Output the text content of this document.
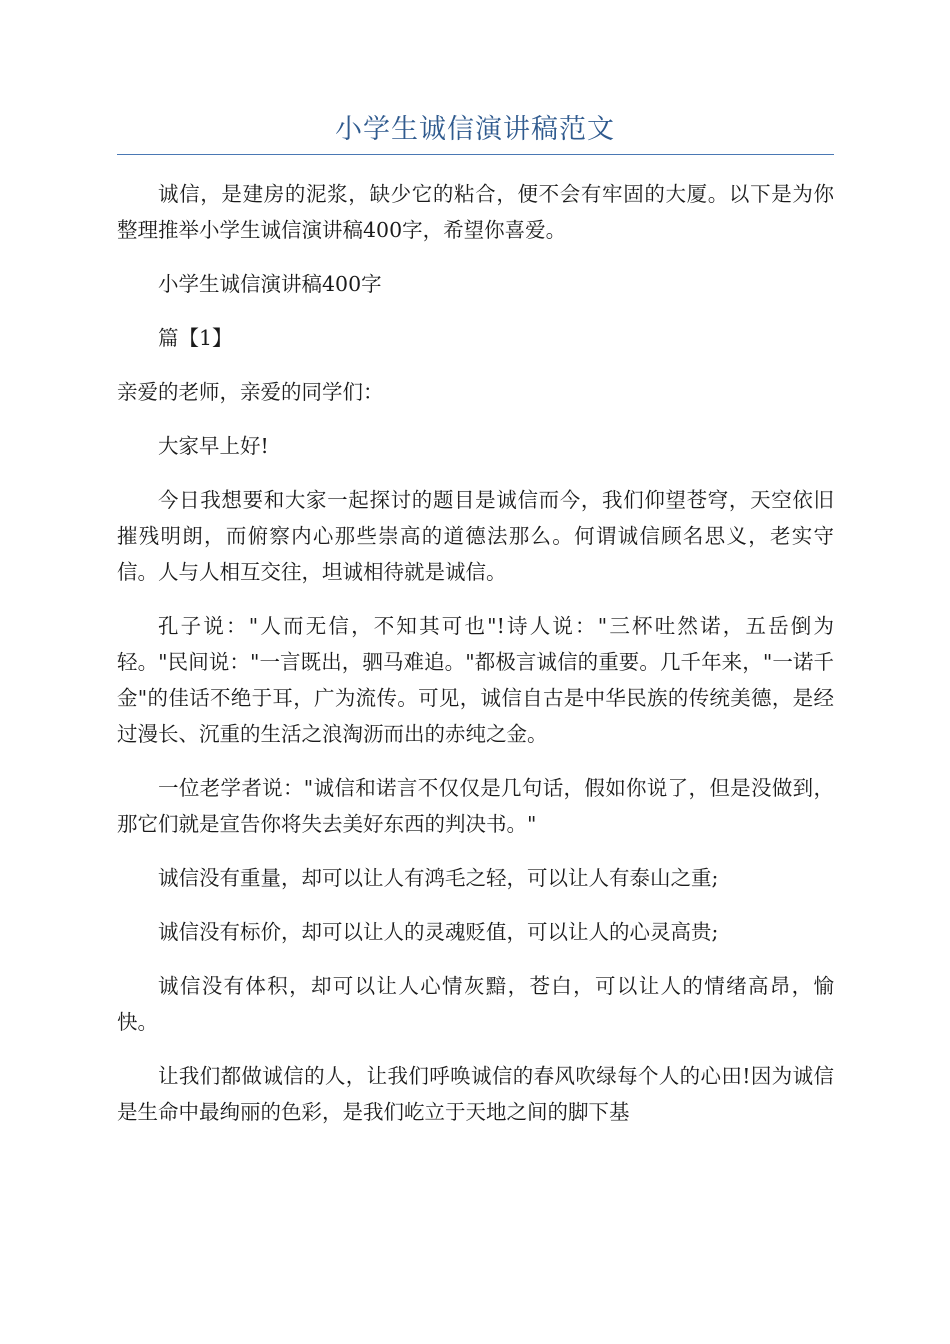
小学生诚信演讲稿范文

诚信，是建房的泥浆，缺少它的粘合，便不会有牢固的大厦。以下是为你整理推举小学生诚信演讲稿400字，希望你喜爱。

小学生诚信演讲稿400字

篇【1】

亲爱的老师，亲爱的同学们：

大家早上好!

今日我想要和大家一起探讨的题目是诚信而今，我们仰望苍穹，天空依旧摧残明朗，而俯察内心那些崇高的道德法那么。何谓诚信顾名思义，老实守信。人与人相互交往，坦诚相待就是诚信。

孔子说："人而无信，不知其可也"!诗人说："三杯吐然诺，五岳倒为轻。"民间说："一言既出，驷马难追。"都极言诚信的重要。几千年来，"一诺千金"的佳话不绝于耳，广为流传。可见，诚信自古是中华民族的传统美德，是经过漫长、沉重的生活之浪淘沥而出的赤纯之金。

一位老学者说："诚信和诺言不仅仅是几句话，假如你说了，但是没做到，那它们就是宣告你将失去美好东西的判决书。"

诚信没有重量，却可以让人有鸿毛之轻，可以让人有泰山之重;

诚信没有标价，却可以让人的灵魂贬值，可以让人的心灵高贵;

诚信没有体积，却可以让人心情灰黯，苍白，可以让人的情绪高昂，愉快。

让我们都做诚信的人，让我们呼唤诚信的春风吹绿每个人的心田!因为诚信是生命中最绚丽的色彩，是我们屹立于天地之间的脚下基
